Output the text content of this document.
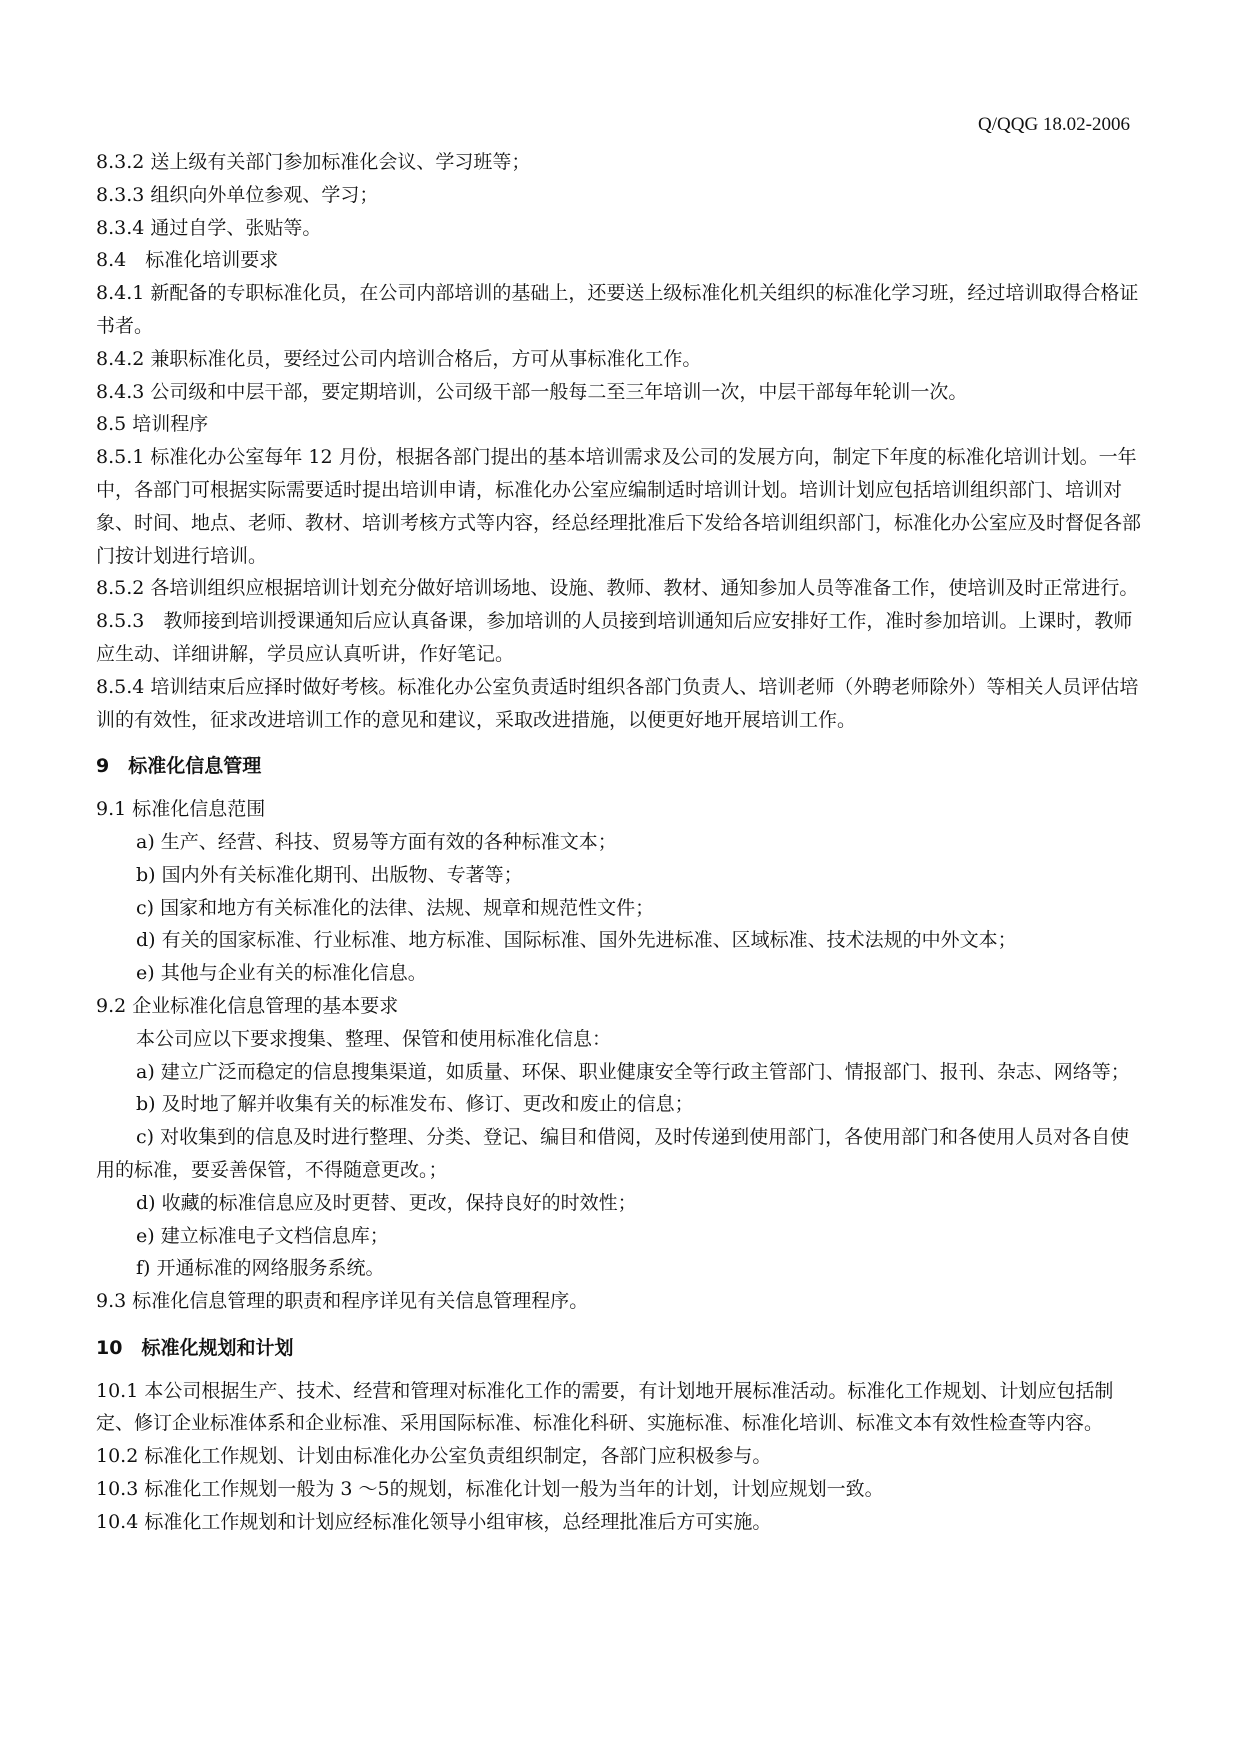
Q/QQG 18.02-2006

8.3.2 送上级有关部门参加标准化会议、学习班等；

8.3.3 组织向外单位参观、学习；

8.3.4 通过自学、张贴等。

8.4　标准化培训要求

8.4.1 新配备的专职标准化员，在公司内部培训的基础上，还要送上级标准化机关组织的标准化学习班，经过培训取得合格证书者。

8.4.2 兼职标准化员，要经过公司内培训合格后，方可从事标准化工作。

8.4.3 公司级和中层干部，要定期培训，公司级干部一般每二至三年培训一次，中层干部每年轮训一次。

8.5 培训程序

8.5.1 标准化办公室每年 12 月份，根据各部门提出的基本培训需求及公司的发展方向，制定下年度的标准化培训计划。一年中，各部门可根据实际需要适时提出培训申请，标准化办公室应编制适时培训计划。培训计划应包括培训组织部门、培训对象、时间、地点、老师、教材、培训考核方式等内容，经总经理批准后下发给各培训组织部门，标准化办公室应及时督促各部门按计划进行培训。

8.5.2 各培训组织应根据培训计划充分做好培训场地、设施、教师、教材、通知参加人员等准备工作，使培训及时正常进行。

8.5.3　教师接到培训授课通知后应认真备课，参加培训的人员接到培训通知后应安排好工作，准时参加培训。上课时，教师应生动、详细讲解，学员应认真听讲，作好笔记。

8.5.4 培训结束后应择时做好考核。标准化办公室负责适时组织各部门负责人、培训老师（外聘老师除外）等相关人员评估培训的有效性，征求改进培训工作的意见和建议，采取改进措施，以便更好地开展培训工作。

9　标准化信息管理

9.1 标准化信息范围

a) 生产、经营、科技、贸易等方面有效的各种标准文本；

b) 国内外有关标准化期刊、出版物、专著等；

c) 国家和地方有关标准化的法律、法规、规章和规范性文件；

d) 有关的国家标准、行业标准、地方标准、国际标准、国外先进标准、区域标准、技术法规的中外文本；

e) 其他与企业有关的标准化信息。

9.2 企业标准化信息管理的基本要求

本公司应以下要求搜集、整理、保管和使用标准化信息：

a) 建立广泛而稳定的信息搜集渠道，如质量、环保、职业健康安全等行政主管部门、情报部门、报刊、杂志、网络等；

b) 及时地了解并收集有关的标准发布、修订、更改和废止的信息；

c) 对收集到的信息及时进行整理、分类、登记、编目和借阅，及时传递到使用部门，各使用部门和各使用人员对各自使用的标准，要妥善保管，不得随意更改。；

d) 收藏的标准信息应及时更替、更改，保持良好的时效性；

e) 建立标准电子文档信息库；

f) 开通标准的网络服务系统。

9.3 标准化信息管理的职责和程序详见有关信息管理程序。

10　标准化规划和计划

10.1 本公司根据生产、技术、经营和管理对标准化工作的需要，有计划地开展标准活动。标准化工作规划、计划应包括制定、修订企业标准体系和企业标准、采用国际标准、标准化科研、实施标准、标准化培训、标准文本有效性检查等内容。

10.2 标准化工作规划、计划由标准化办公室负责组织制定，各部门应积极参与。

10.3 标准化工作规划一般为 3 ～5的规划，标准化计划一般为当年的计划，计划应规划一致。

10.4 标准化工作规划和计划应经标准化领导小组审核，总经理批准后方可实施。
